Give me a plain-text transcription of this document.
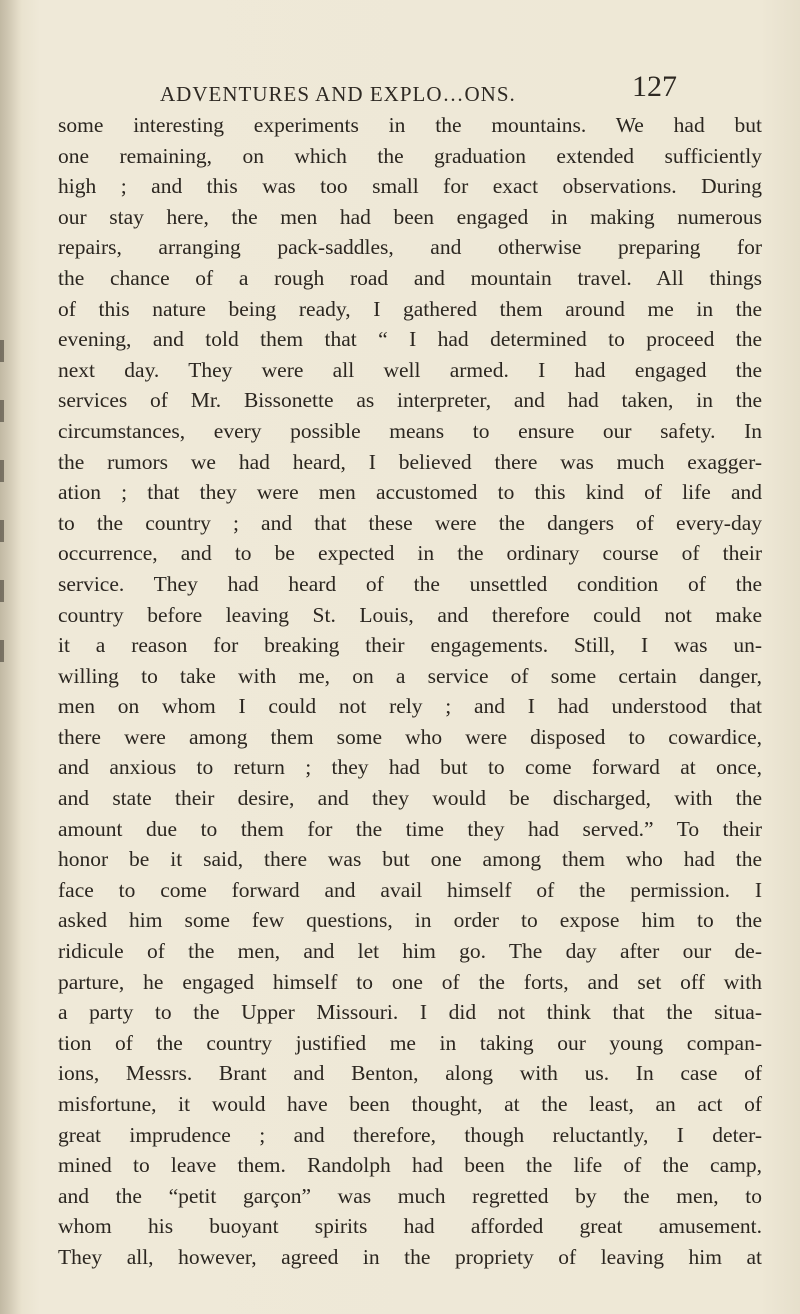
ADVENTURES AND EXPLO…ONS.	127
some interesting experiments in the mountains. We had but
one remaining, on which the graduation extended sufficiently
high ; and this was too small for exact observations. During
our stay here, the men had been engaged in making numerous
repairs, arranging pack-saddles, and otherwise preparing for
the chance of a rough road and mountain travel. All things
of this nature being ready, I gathered them around me in the
evening, and told them that “ I had determined to proceed the
next day. They were all well armed. I had engaged the
services of Mr. Bissonette as interpreter, and had taken, in the
circumstances, every possible means to ensure our safety. In
the rumors we had heard, I believed there was much exagger-
ation ; that they were men accustomed to this kind of life and
to the country ; and that these were the dangers of every-day
occurrence, and to be expected in the ordinary course of their
service. They had heard of the unsettled condition of the
country before leaving St. Louis, and therefore could not make
it a reason for breaking their engagements. Still, I was un-
willing to take with me, on a service of some certain danger,
men on whom I could not rely ; and I had understood that
there were among them some who were disposed to cowardice,
and anxious to return ; they had but to come forward at once,
and state their desire, and they would be discharged, with the
amount due to them for the time they had served.” To their
honor be it said, there was but one among them who had the
face to come forward and avail himself of the permission. I
asked him some few questions, in order to expose him to the
ridicule of the men, and let him go. The day after our de-
parture, he engaged himself to one of the forts, and set off with
a party to the Upper Missouri. I did not think that the situa-
tion of the country justified me in taking our young compan-
ions, Messrs. Brant and Benton, along with us. In case of
misfortune, it would have been thought, at the least, an act of
great imprudence ; and therefore, though reluctantly, I deter-
mined to leave them. Randolph had been the life of the camp,
and the “petit garçon” was much regretted by the men, to
whom his buoyant spirits had afforded great amusement.
They all, however, agreed in the propriety of leaving him at
